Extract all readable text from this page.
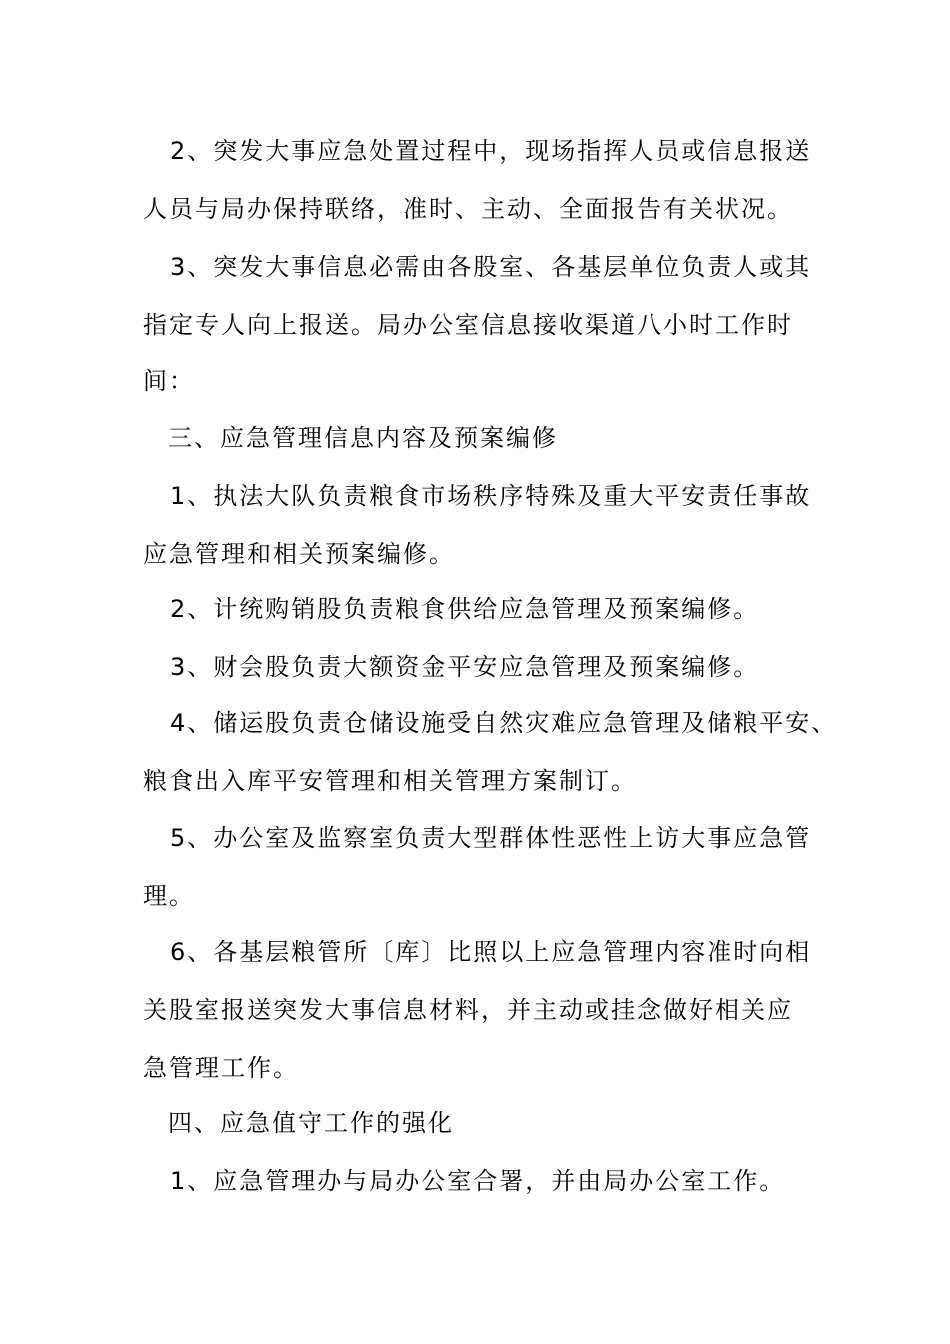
2、突发大事应急处置过程中，现场指挥人员或信息报送
人员与局办保持联络，准时、主动、全面报告有关状况。
3、突发大事信息必需由各股室、各基层单位负责人或其
指定专人向上报送。局办公室信息接收渠道八小时工作时
间：
三、应急管理信息内容及预案编修
1、执法大队负责粮食市场秩序特殊及重大平安责任事故
应急管理和相关预案编修。
2、计统购销股负责粮食供给应急管理及预案编修。
3、财会股负责大额资金平安应急管理及预案编修。
4、储运股负责仓储设施受自然灾难应急管理及储粮平安、
粮食出入库平安管理和相关管理方案制订。
5、办公室及监察室负责大型群体性恶性上访大事应急管
理。
6、各基层粮管所〔库〕比照以上应急管理内容准时向相
关股室报送突发大事信息材料，并主动或挂念做好相关应
急管理工作。
四、应急值守工作的强化
1、应急管理办与局办公室合署，并由局办公室工作。
